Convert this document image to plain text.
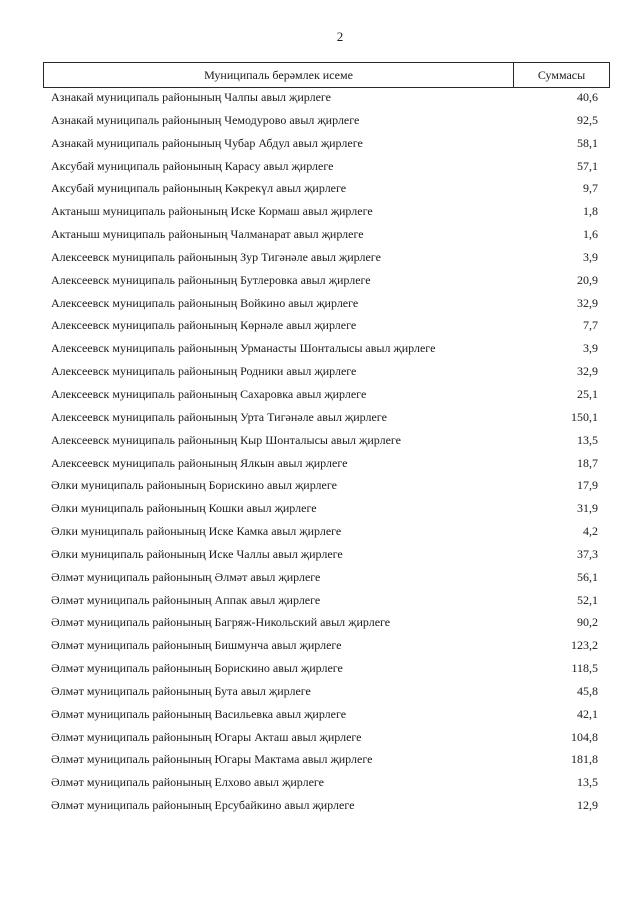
2
Муниципаль берәмлек исеме	Суммасы
Азнакай муниципаль районының Чалпы авыл җирлеге	40,6
Азнакай муниципаль районының Чемодурово авыл җирлеге	92,5
Азнакай муниципаль районының Чубар Абдул авыл җирлеге	58,1
Аксубай муниципаль районының Карасу авыл җирлеге	57,1
Аксубай муниципаль районының Кәкрекүл авыл җирлеге	9,7
Актаныш муниципаль районының Иске Кормаш авыл җирлеге	1,8
Актаныш муниципаль районының Чалманарат авыл җирлеге	1,6
Алексеевск муниципаль районының Зур Тигәнәле авыл җирлеге	3,9
Алексеевск муниципаль районының Бутлеровка авыл җирлеге	20,9
Алексеевск муниципаль районының Войкино авыл җирлеге	32,9
Алексеевск муниципаль районының Көрнәле авыл җирлеге	7,7
Алексеевск муниципаль районының Урманасты Шонталысы авыл җирлеге	3,9
Алексеевск муниципаль районының Родники авыл җирлеге	32,9
Алексеевск муниципаль районының Сахаровка авыл җирлеге	25,1
Алексеевск муниципаль районының Урта Тигәнәле авыл җирлеге	150,1
Алексеевск муниципаль районының Кыр Шонталысы авыл җирлеге	13,5
Алексеевск муниципаль районының Ялкын авыл җирлеге	18,7
Әлки муниципаль районының Борискино авыл җирлеге	17,9
Әлки муниципаль районының Кошки авыл җирлеге	31,9
Әлки муниципаль районының Иске Камка авыл җирлеге	4,2
Әлки муниципаль районының Иске Чаллы авыл җирлеге	37,3
Әлмәт муниципаль районының Әлмәт авыл җирлеге	56,1
Әлмәт муниципаль районының Аппак авыл җирлеге	52,1
Әлмәт муниципаль районының Багряж-Никольский авыл җирлеге	90,2
Әлмәт муниципаль районының Бишмунча авыл җирлеге	123,2
Әлмәт муниципаль районының Борискино авыл җирлеге	118,5
Әлмәт муниципаль районының Бута авыл җирлеге	45,8
Әлмәт муниципаль районының Васильевка авыл җирлеге	42,1
Әлмәт муниципаль районының Югары Акташ авыл җирлеге	104,8
Әлмәт муниципаль районының Югары Мактама авыл җирлеге	181,8
Әлмәт муниципаль районының Елхово авыл җирлеге	13,5
Әлмәт муниципаль районының Ерсубайкино авыл җирлеге	12,9
